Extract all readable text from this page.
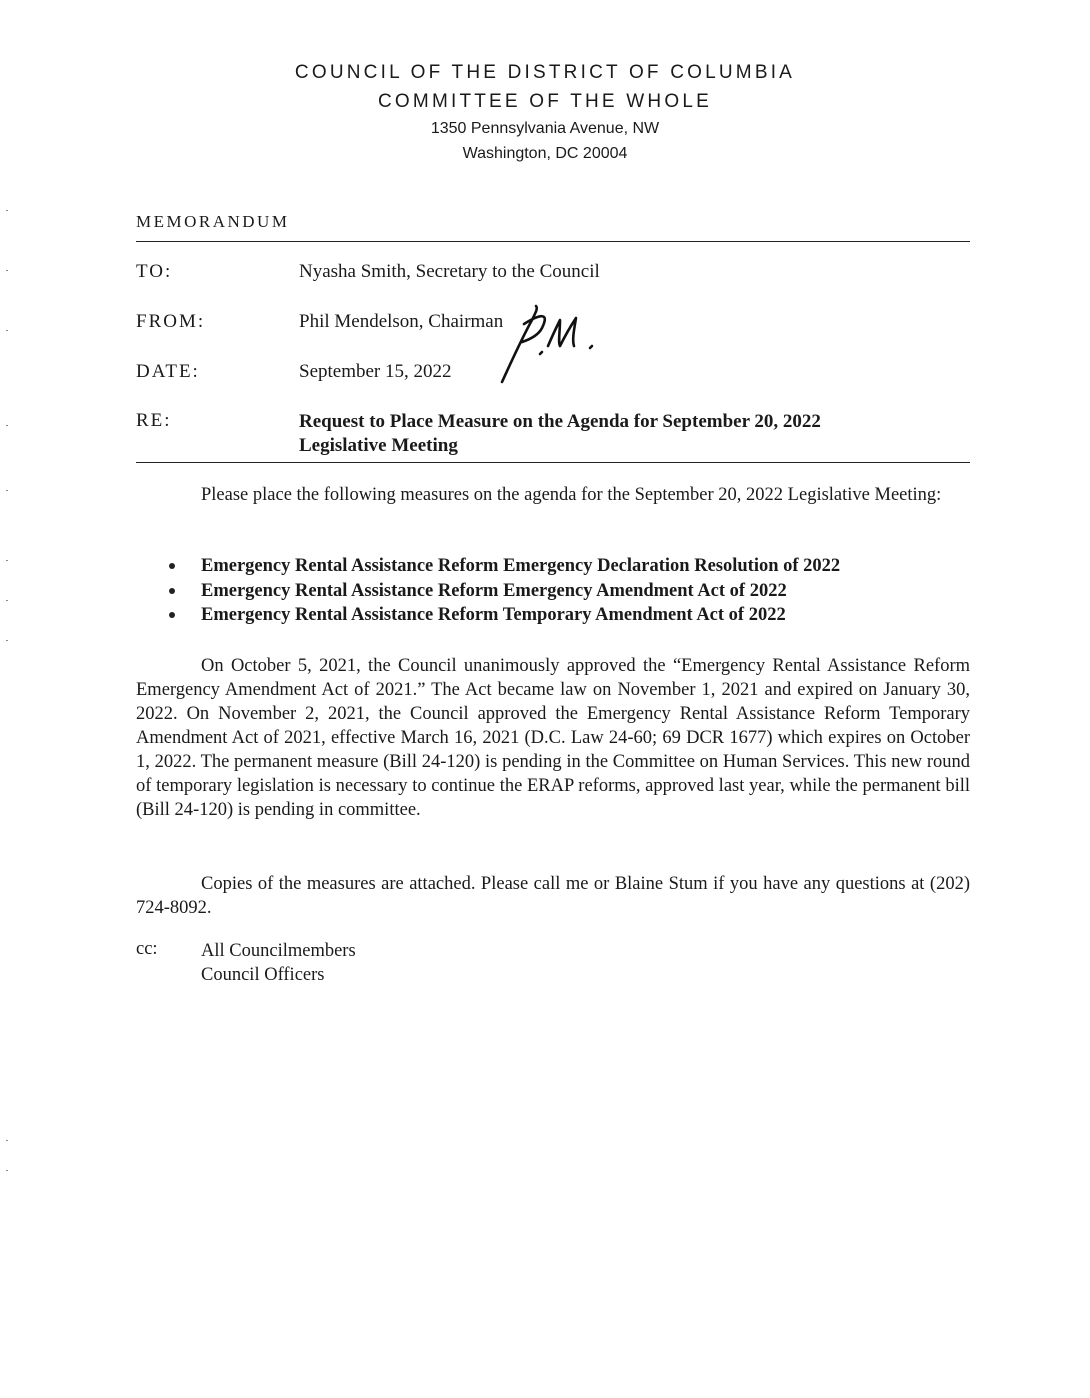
COUNCIL OF THE DISTRICT OF COLUMBIA
COMMITTEE OF THE WHOLE
1350 Pennsylvania Avenue, NW
Washington, DC 20004
MEMORANDUM
TO:	Nyasha Smith, Secretary to the Council
FROM:	Phil Mendelson, Chairman
DATE:	September 15, 2022
RE:	Request to Place Measure on the Agenda for September 20, 2022
Legislative Meeting
Please place the following measures on the agenda for the September 20, 2022 Legislative Meeting:
Emergency Rental Assistance Reform Emergency Declaration Resolution of 2022
Emergency Rental Assistance Reform Emergency Amendment Act of 2022
Emergency Rental Assistance Reform Temporary Amendment Act of 2022
On October 5, 2021, the Council unanimously approved the “Emergency Rental Assistance Reform Emergency Amendment Act of 2021.” The Act became law on November 1, 2021 and expired on January 30, 2022. On November 2, 2021, the Council approved the Emergency Rental Assistance Reform Temporary Amendment Act of 2021, effective March 16, 2021 (D.C. Law 24-60; 69 DCR 1677) which expires on October 1, 2022. The permanent measure (Bill 24-120) is pending in the Committee on Human Services. This new round of temporary legislation is necessary to continue the ERAP reforms, approved last year, while the permanent bill (Bill 24-120) is pending in committee.
Copies of the measures are attached. Please call me or Blaine Stum if you have any questions at (202) 724-8092.
cc: All Councilmembers
Council Officers
